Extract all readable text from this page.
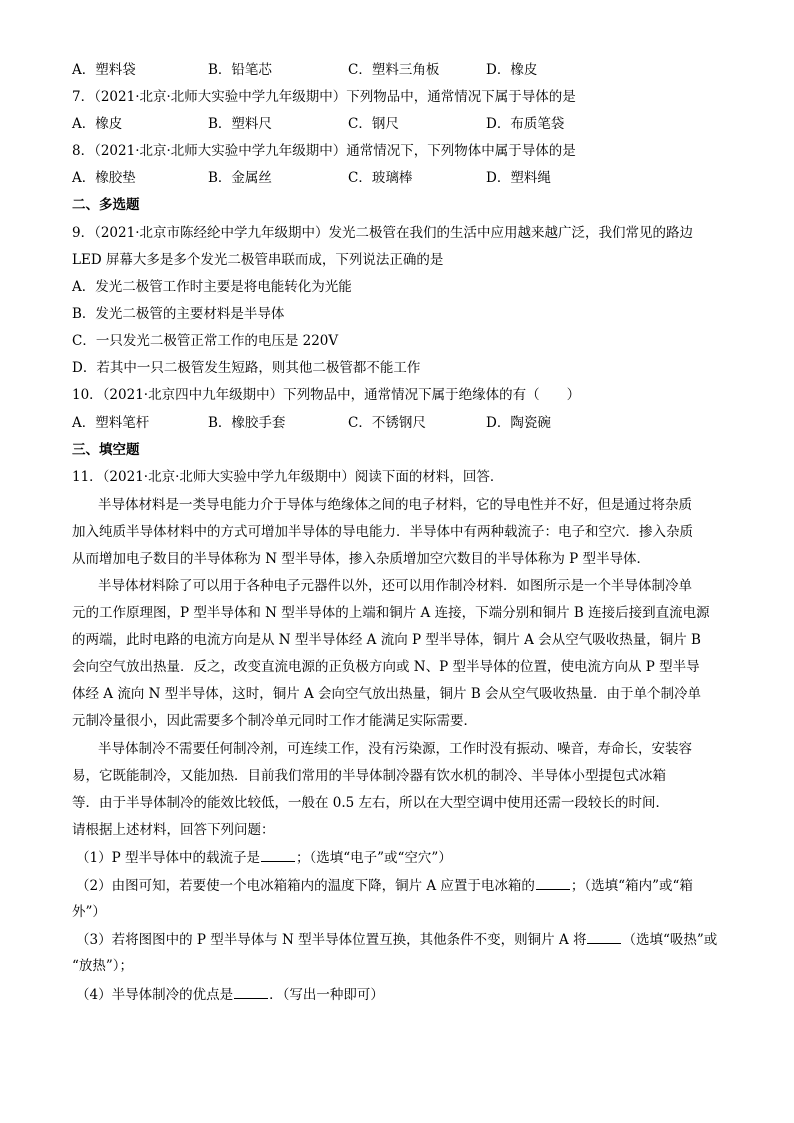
A．塑料袋	B．铅笔芯	C．塑料三角板	D．橡皮
7．（2021·北京·北师大实验中学九年级期中）下列物品中，通常情况下属于导体的是
A．橡皮	B．塑料尺	C．钢尺	D．布质笔袋
8．（2021·北京·北师大实验中学九年级期中）通常情况下，下列物体中属于导体的是
A．橡胶垫	B．金属丝	C．玻璃棒	D．塑料绳
二、多选题
9．（2021·北京市陈经纶中学九年级期中）发光二极管在我们的生活中应用越来越广泛，我们常见的路边
LED 屏幕大多是多个发光二极管串联而成，下列说法正确的是
A．发光二极管工作时主要是将电能转化为光能
B．发光二极管的主要材料是半导体
C．一只发光二极管正常工作的电压是 220V
D．若其中一只二极管发生短路，则其他二极管都不能工作
10．（2021·北京四中九年级期中）下列物品中，通常情况下属于绝缘体的有（　　）
A．塑料笔杆	B．橡胶手套	C．不锈钢尺	D．陶瓷碗
三、填空题
11．（2021·北京·北师大实验中学九年级期中）阅读下面的材料，回答．
半导体材料是一类导电能力介于导体与绝缘体之间的电子材料，它的导电性并不好，但是通过将杂质
加入纯质半导体材料中的方式可增加半导体的导电能力．半导体中有两种载流子：电子和空穴．掺入杂质
从而增加电子数目的半导体称为 N 型半导体，掺入杂质增加空穴数目的半导体称为 P 型半导体．
半导体材料除了可以用于各种电子元器件以外，还可以用作制冷材料．如图所示是一个半导体制冷单
元的工作原理图，P 型半导体和 N 型半导体的上端和铜片 A 连接，下端分别和铜片 B 连接后接到直流电源
的两端，此时电路的电流方向是从 N 型半导体经 A 流向 P 型半导体，铜片 A 会从空气吸收热量，铜片 B
会向空气放出热量．反之，改变直流电源的正负极方向或 N、P 型半导体的位置，使电流方向从 P 型半导
体经 A 流向 N 型半导体，这时，铜片 A 会向空气放出热量，铜片 B 会从空气吸收热量．由于单个制冷单
元制冷量很小，因此需要多个制冷单元同时工作才能满足实际需要．
半导体制冷不需要任何制冷剂，可连续工作，没有污染源，工作时没有振动、噪音，寿命长，安装容
易，它既能制冷，又能加热．目前我们常用的半导体制冷器有饮水机的制冷、半导体小型提包式冰箱
等．由于半导体制冷的能效比较低，一般在 0.5 左右，所以在大型空调中使用还需一段较长的时间．
请根据上述材料，回答下列问题：
（1）P 型半导体中的载流子是	；（选填“电子”或“空穴”）
（2）由图可知，若要使一个电冰箱箱内的温度下降，铜片 A 应置于电冰箱的	；（选填“箱内”或“箱
外”）
（3）若将图图中的 P 型半导体与 N 型半导体位置互换，其他条件不变，则铜片 A 将	（选填“吸热”或
“放热”）；
（4）半导体制冷的优点是	．（写出一种即可）
